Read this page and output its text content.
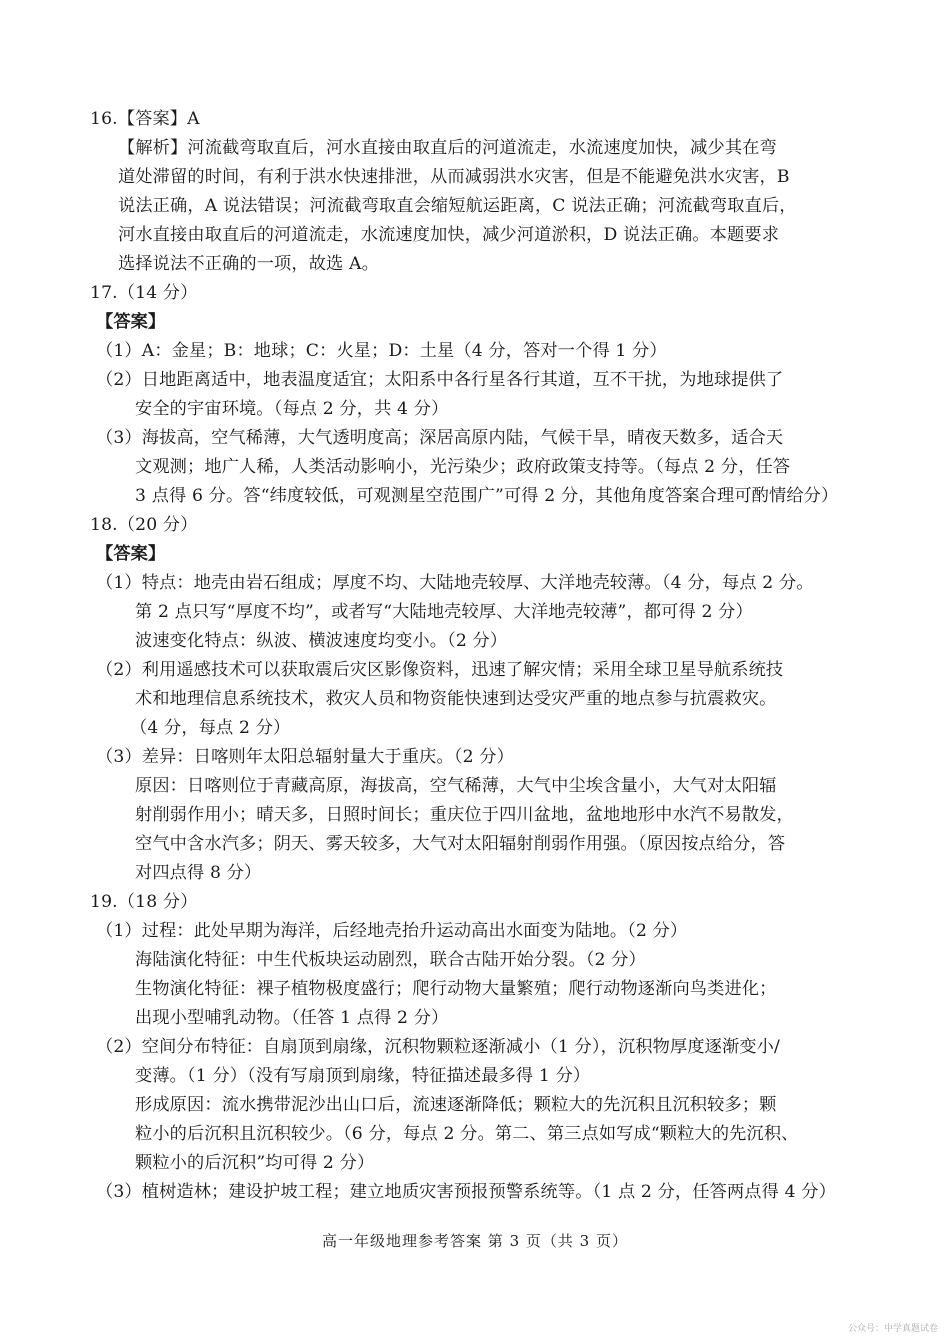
16.【答案】A
【解析】河流截弯取直后，河水直接由取直后的河道流走，水流速度加快，减少其在弯
道处滞留的时间，有利于洪水快速排泄，从而减弱洪水灾害，但是不能避免洪水灾害，B
说法正确，A 说法错误；河流截弯取直会缩短航运距离，C 说法正确；河流截弯取直后，
河水直接由取直后的河道流走，水流速度加快，减少河道淤积，D 说法正确。本题要求
选择说法不正确的一项，故选 A。
17.（14 分）
【答案】
（1）A：金星；B：地球；C：火星；D：土星（4 分，答对一个得 1 分）
（2）日地距离适中，地表温度适宜；太阳系中各行星各行其道，互不干扰，为地球提供了
安全的宇宙环境。（每点 2 分，共 4 分）
（3）海拔高，空气稀薄，大气透明度高；深居高原内陆，气候干旱，晴夜天数多，适合天
文观测；地广人稀，人类活动影响小，光污染少；政府政策支持等。（每点 2 分，任答
3 点得 6 分。答“纬度较低，可观测星空范围广”可得 2 分，其他角度答案合理可酌情给分）
18.（20 分）
【答案】
（1）特点：地壳由岩石组成；厚度不均、大陆地壳较厚、大洋地壳较薄。（4 分，每点 2 分。
第 2 点只写“厚度不均”，或者写“大陆地壳较厚、大洋地壳较薄”，都可得 2 分）
波速变化特点：纵波、横波速度均变小。（2 分）
（2）利用遥感技术可以获取震后灾区影像资料，迅速了解灾情；采用全球卫星导航系统技
术和地理信息系统技术，救灾人员和物资能快速到达受灾严重的地点参与抗震救灾。
（4 分，每点 2 分）
（3）差异：日喀则年太阳总辐射量大于重庆。（2 分）
原因：日喀则位于青藏高原，海拔高，空气稀薄，大气中尘埃含量小，大气对太阳辐
射削弱作用小；晴天多，日照时间长；重庆位于四川盆地，盆地地形中水汽不易散发，
空气中含水汽多；阴天、雾天较多，大气对太阳辐射削弱作用强。（原因按点给分，答
对四点得 8 分）
19.（18 分）
（1）过程：此处早期为海洋，后经地壳抬升运动高出水面变为陆地。（2 分）
海陆演化特征：中生代板块运动剧烈，联合古陆开始分裂。（2 分）
生物演化特征：裸子植物极度盛行；爬行动物大量繁殖；爬行动物逐渐向鸟类进化；
出现小型哺乳动物。（任答 1 点得 2 分）
（2）空间分布特征：自扇顶到扇缘，沉积物颗粒逐渐减小（1 分），沉积物厚度逐渐变小/
变薄。（1 分）（没有写扇顶到扇缘，特征描述最多得 1 分）
形成原因：流水携带泥沙出山口后，流速逐渐降低；颗粒大的先沉积且沉积较多；颗
粒小的后沉积且沉积较少。（6 分，每点 2 分。第二、第三点如写成“颗粒大的先沉积、
颗粒小的后沉积”均可得 2 分）
（3）植树造林；建设护坡工程；建立地质灾害预报预警系统等。（1 点 2 分，任答两点得 4 分）
高一年级地理参考答案 第 3 页（共 3 页）
公众号：中学真题试卷
